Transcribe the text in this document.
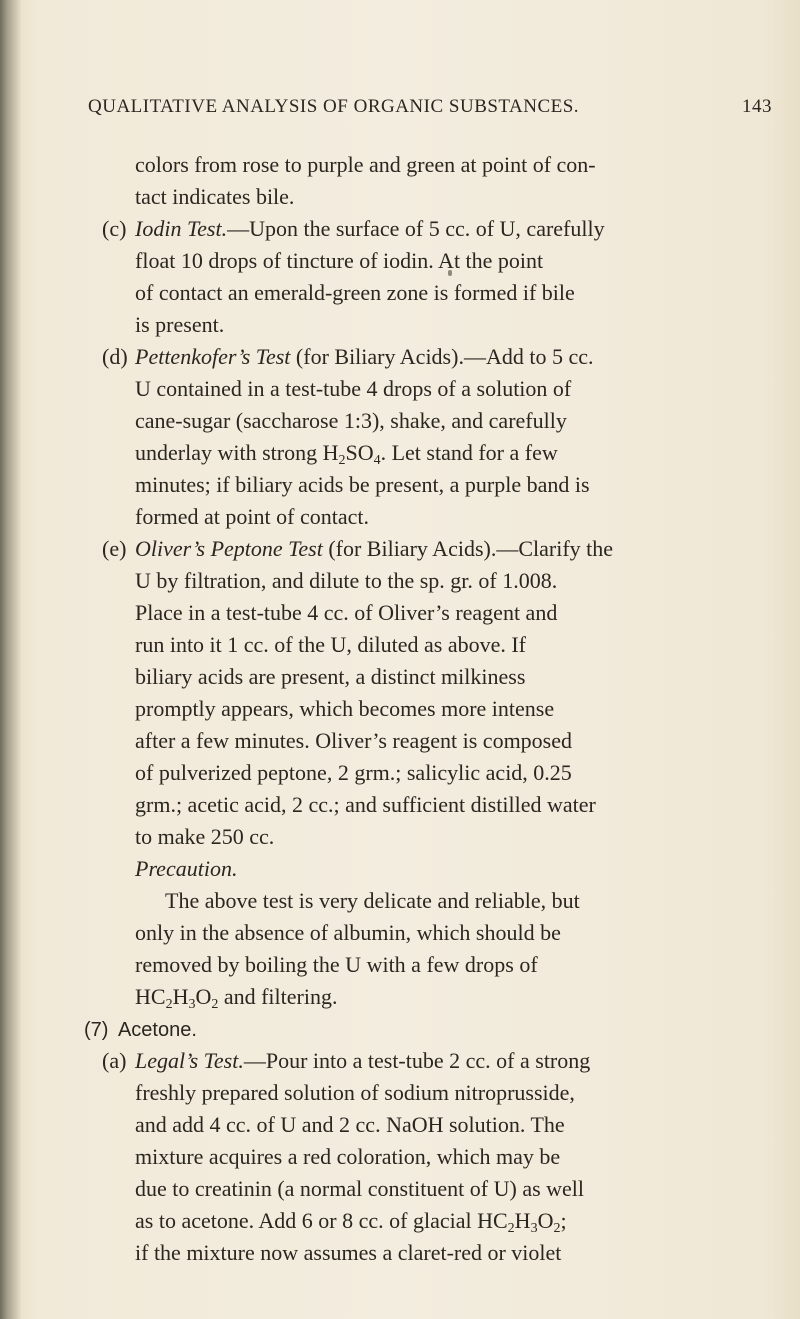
QUALITATIVE ANALYSIS OF ORGANIC SUBSTANCES.	143
colors from rose to purple and green at point of con-
tact indicates bile.
(c) Iodin Test.—Upon the surface of 5 cc. of U, carefully
float 10 drops of tincture of iodin. At the point
of contact an emerald-green zone is formed if bile
is present.
(d) Pettenkofer’s Test (for Biliary Acids).—Add to 5 cc.
U contained in a test-tube 4 drops of a solution of
cane-sugar (saccharose 1:3), shake, and carefully
underlay with strong $H_2SO_4$. Let stand for a few
minutes; if biliary acids be present, a purple band is
formed at point of contact.
(e) Oliver’s Peptone Test (for Biliary Acids).—Clarify the
U by filtration, and dilute to the sp. gr. of 1.008.
Place in a test-tube 4 cc. of Oliver’s reagent and
run into it 1 cc. of the U, diluted as above. If
biliary acids are present, a distinct milkiness
promptly appears, which becomes more intense
after a few minutes. Oliver’s reagent is composed
of pulverized peptone, 2 grm.; salicylic acid, 0.25
grm.; acetic acid, 2 cc.; and sufficient distilled water
to make 250 cc.
Precaution.
The above test is very delicate and reliable, but
only in the absence of albumin, which should be
removed by boiling the U with a few drops of
$HC_2H_3O_2$ and filtering.
(7) Acetone.
(a) Legal’s Test.—Pour into a test-tube 2 cc. of a strong
freshly prepared solution of sodium nitroprusside,
and add 4 cc. of U and 2 cc. NaOH solution. The
mixture acquires a red coloration, which may be
due to creatinin (a normal constituent of U) as well
as to acetone. Add 6 or 8 cc. of glacial $HC_2H_3O_2$;
if the mixture now assumes a claret-red or violet
